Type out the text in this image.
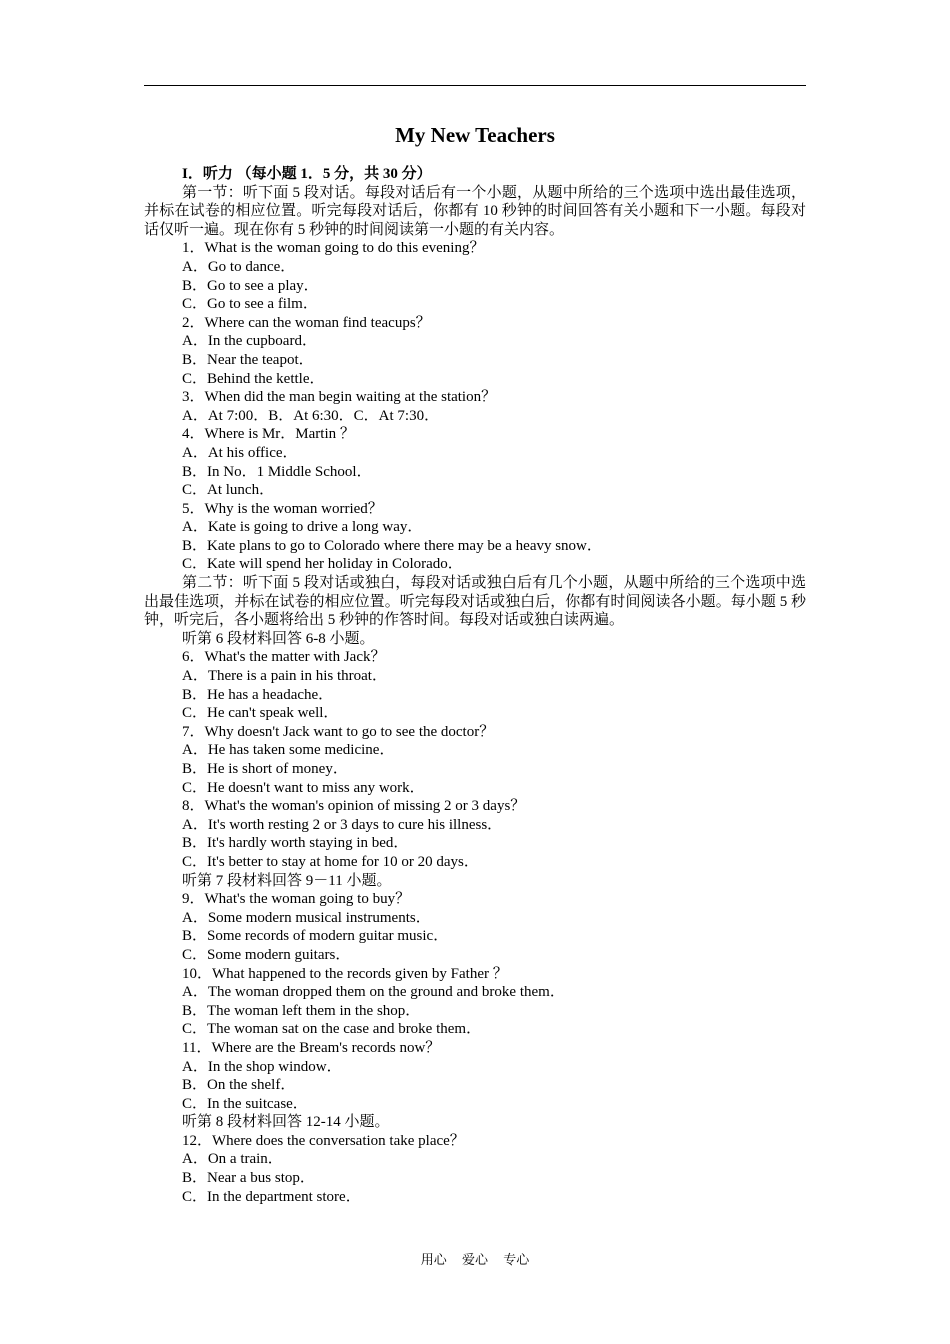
My New Teachers
I．听力 （每小题 1．5 分，共 30 分）
第一节：听下面 5 段对话。每段对话后有一个小题，从题中所给的三个选项中选出最佳选项，并标在试卷的相应位置。听完每段对话后，你都有 10 秒钟的时间回答有关小题和下一小题。每段对话仅听一遍。现在你有 5 秒钟的时间阅读第一小题的有关内容。
1．What is the woman going to do this evening？
A．Go to dance．
B．Go to see a play．
C．Go to see a film．
2．Where can the woman find teacups？
A．In the cupboard．
B．Near the teapot．
C．Behind the kettle．
3．When did the man begin waiting at the station？
A．At 7:00．B．At 6:30．C．At 7:30．
4．Where is Mr．Martin ？
A．At his office．
B．In No．1 Middle School．
C．At lunch．
5．Why is the woman worried？
A．Kate is going to drive a long way．
B．Kate plans to go to Colorado where there may be a heavy snow．
C．Kate will spend her holiday in Colorado．
第二节：听下面 5 段对话或独白，每段对话或独白后有几个小题，从题中所给的三个选项中选出最佳选项，并标在试卷的相应位置。听完每段对话或独白后，你都有时间阅读各小题。每小题 5 秒钟，听完后，各小题将给出 5 秒钟的作答时间。每段对话或独白读两遍。
听第 6 段材料回答 6-8 小题。
6．What's the matter with Jack？
A．There is a pain in his throat．
B．He has a headache．
C．He can't speak well．
7．Why doesn't Jack want to go to see the doctor？
A．He has taken some medicine．
B．He is short of money．
C．He doesn't want to miss any work．
8．What's the woman's opinion of missing 2 or 3 days？
A．It's worth resting 2 or 3 days to cure his illness．
B．It's hardly worth staying in bed．
C．It's better to stay at home for 10 or 20 days．
听第 7 段材料回答 9－11 小题。
9．What's the woman going to buy？
A．Some modern musical instruments．
B．Some records of modern guitar music．
C．Some modern guitars．
10．What happened to the records given by Father ？
A．The woman dropped them on the ground and broke them．
B．The woman left them in the shop．
C．The woman sat on the case and broke them．
11．Where are the Bream's records now？
A．In the shop window．
B．On the shelf．
C．In the suitcase．
听第 8 段材料回答 12-14 小题。
12．Where does the conversation take place？
A．On a train．
B．Near a bus stop．
C．In the department store．
用心 爱心 专心
